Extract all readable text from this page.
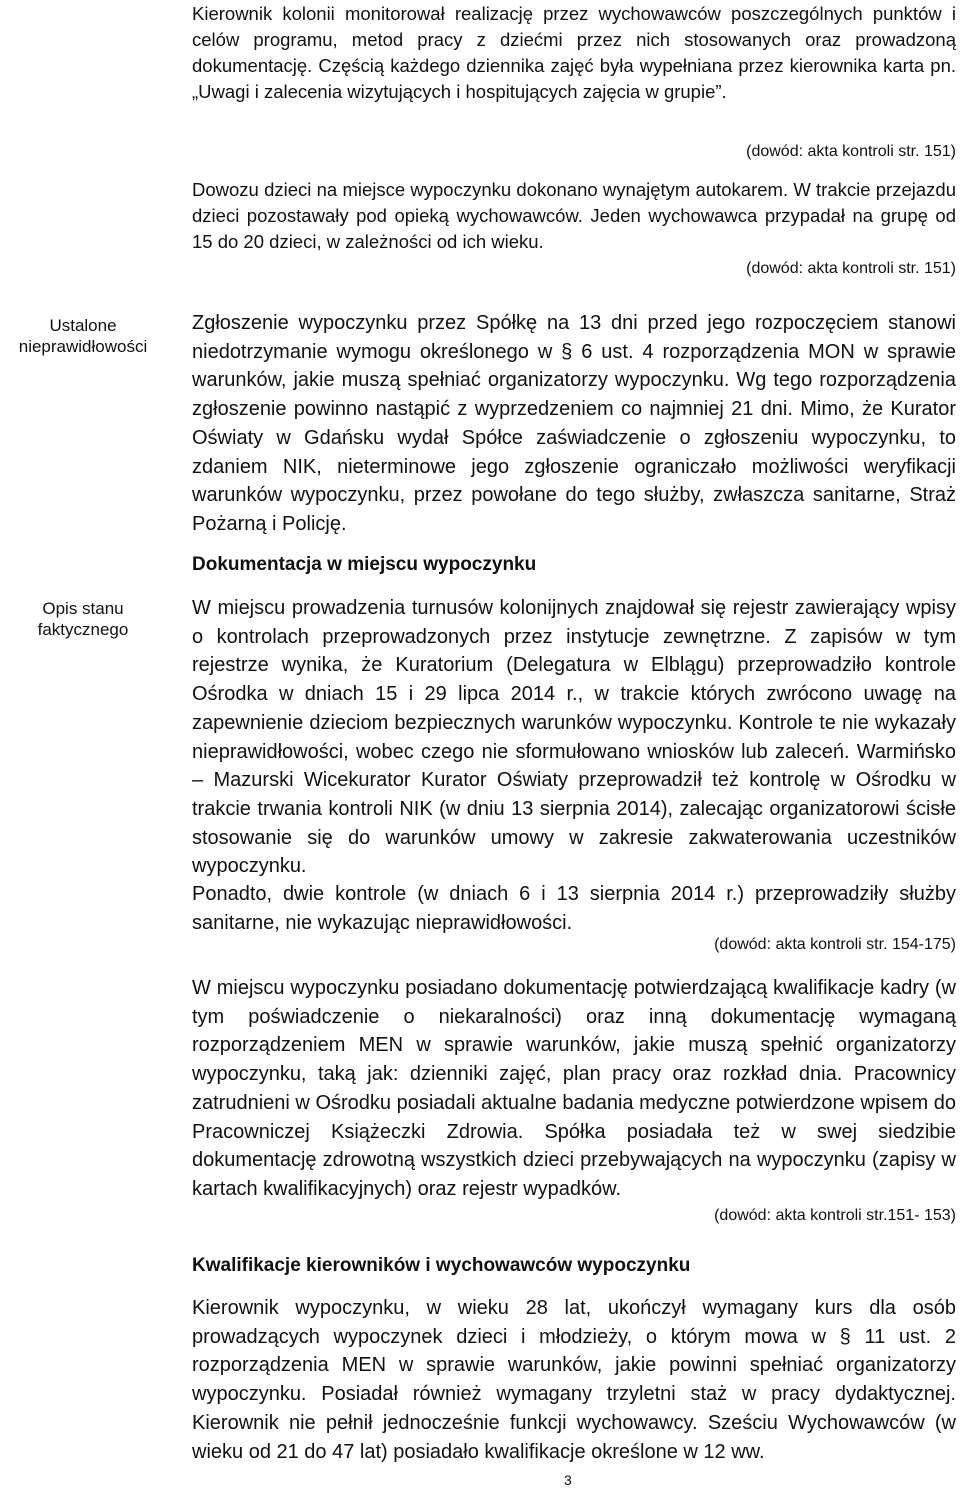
Ustalone nieprawidłowości
Opis stanu faktycznego

Kierownik kolonii monitorował realizację przez wychowawców poszczególnych punktów i celów programu, metod pracy z dziećmi przez nich stosowanych oraz prowadzoną dokumentację. Częścią każdego dziennika zajęć była wypełniana przez kierownika karta pn. „Uwagi i zalecenia wizytujących i hospitujących zajęcia w grupie”.

(dowód: akta kontroli str. 151)

Dowozu dzieci na miejsce wypoczynku dokonano wynajętym autokarem. W trakcie przejazdu dzieci pozostawały pod opieką wychowawców. Jeden wychowawca przypadał na grupę od 15 do 20 dzieci, w zależności od ich wieku.

(dowód: akta kontroli str. 151)

Zgłoszenie wypoczynku przez Spółkę na 13 dni przed jego rozpoczęciem stanowi niedotrzymanie wymogu określonego w § 6 ust. 4 rozporządzenia MON w sprawie warunków, jakie muszą spełniać organizatorzy wypoczynku. Wg tego rozporządzenia zgłoszenie powinno nastąpić z wyprzedzeniem co najmniej 21 dni. Mimo, że Kurator Oświaty w Gdańsku wydał Spółce zaświadczenie o zgłoszeniu wypoczynku, to zdaniem NIK, nieterminowe jego zgłoszenie ograniczało możliwości weryfikacji warunków wypoczynku, przez powołane do tego służby, zwłaszcza sanitarne, Straż Pożarną i Policję.

Dokumentacja w miejscu wypoczynku

W miejscu prowadzenia turnusów kolonijnych znajdował się rejestr zawierający wpisy o kontrolach przeprowadzonych przez instytucje zewnętrzne. Z zapisów w tym rejestrze wynika, że Kuratorium (Delegatura w Elblągu) przeprowadziło kontrole Ośrodka w dniach 15 i 29 lipca 2014 r., w trakcie których zwrócono uwagę na zapewnienie dzieciom bezpiecznych warunków wypoczynku. Kontrole te nie wykazały nieprawidłowości, wobec czego nie sformułowano wniosków lub zaleceń. Warmińsko – Mazurski Wicekurator Kurator Oświaty przeprowadził też kontrolę w Ośrodku w trakcie trwania kontroli NIK (w dniu 13 sierpnia 2014), zalecając organizatorowi ścisłe stosowanie się do warunków umowy w zakresie zakwaterowania uczestników wypoczynku.

Ponadto, dwie kontrole (w dniach 6 i 13 sierpnia 2014 r.) przeprowadziły służby sanitarne, nie wykazując nieprawidłowości.

(dowód: akta kontroli str. 154-175)

W miejscu wypoczynku posiadano dokumentację potwierdzającą kwalifikacje kadry (w tym poświadczenie o niekaralności) oraz inną dokumentację wymaganą rozporządzeniem MEN w sprawie warunków, jakie muszą spełnić organizatorzy wypoczynku, taką jak: dzienniki zajęć, plan pracy oraz rozkład dnia. Pracownicy zatrudnieni w Ośrodku posiadali aktualne badania medyczne potwierdzone wpisem do Pracowniczej Książeczki Zdrowia. Spółka posiadała też w swej siedzibie dokumentację zdrowotną wszystkich dzieci przebywających na wypoczynku (zapisy w kartach kwalifikacyjnych) oraz rejestr wypadków.

(dowód: akta kontroli str.151- 153)

Kwalifikacje kierowników i wychowawców wypoczynku

Kierownik wypoczynku, w wieku 28 lat, ukończył wymagany kurs dla osób prowadzących wypoczynek dzieci i młodzieży, o którym mowa w § 11 ust. 2 rozporządzenia MEN w sprawie warunków, jakie powinni spełniać organizatorzy wypoczynku. Posiadał również wymagany trzyletni staż w pracy dydaktycznej. Kierownik nie pełnił jednocześnie funkcji wychowawcy. Sześciu Wychowawców (w wieku od 21 do 47 lat) posiadało kwalifikacje określone w 12 ww.

3
